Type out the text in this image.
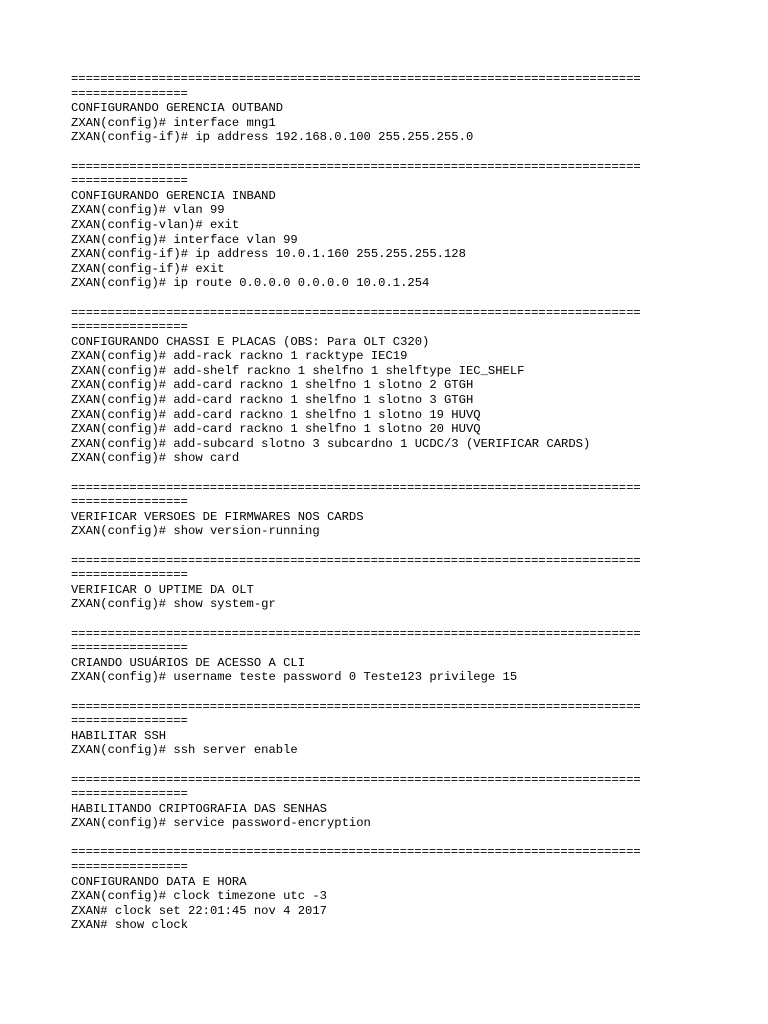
==============================================================================
================
CONFIGURANDO GERENCIA OUTBAND
ZXAN(config)# interface mng1
ZXAN(config-if)# ip address 192.168.0.100 255.255.255.0
==============================================================================
================
CONFIGURANDO GERENCIA INBAND
ZXAN(config)# vlan 99
ZXAN(config-vlan)# exit
ZXAN(config)# interface vlan 99
ZXAN(config-if)# ip address 10.0.1.160 255.255.255.128
ZXAN(config-if)# exit
ZXAN(config)# ip route 0.0.0.0 0.0.0.0 10.0.1.254
==============================================================================
================
CONFIGURANDO CHASSI E PLACAS (OBS: Para OLT C320)
ZXAN(config)# add-rack rackno 1 racktype IEC19
ZXAN(config)# add-shelf rackno 1 shelfno 1 shelftype IEC_SHELF
ZXAN(config)# add-card rackno 1 shelfno 1 slotno 2 GTGH
ZXAN(config)# add-card rackno 1 shelfno 1 slotno 3 GTGH
ZXAN(config)# add-card rackno 1 shelfno 1 slotno 19 HUVQ
ZXAN(config)# add-card rackno 1 shelfno 1 slotno 20 HUVQ
ZXAN(config)# add-subcard slotno 3 subcardno 1 UCDC/3 (VERIFICAR CARDS)
ZXAN(config)# show card
==============================================================================
================
VERIFICAR VERSOES DE FIRMWARES NOS CARDS
ZXAN(config)# show version-running
==============================================================================
================
VERIFICAR O UPTIME DA OLT
ZXAN(config)# show system-gr
==============================================================================
================
CRIANDO USUÁRIOS DE ACESSO A CLI
ZXAN(config)# username teste password 0 Teste123 privilege 15
==============================================================================
================
HABILITAR SSH
ZXAN(config)# ssh server enable
==============================================================================
================
HABILITANDO CRIPTOGRAFIA DAS SENHAS
ZXAN(config)# service password-encryption
==============================================================================
================
CONFIGURANDO DATA E HORA
ZXAN(config)# clock timezone utc -3
ZXAN# clock set 22:01:45 nov 4 2017
ZXAN# show clock
